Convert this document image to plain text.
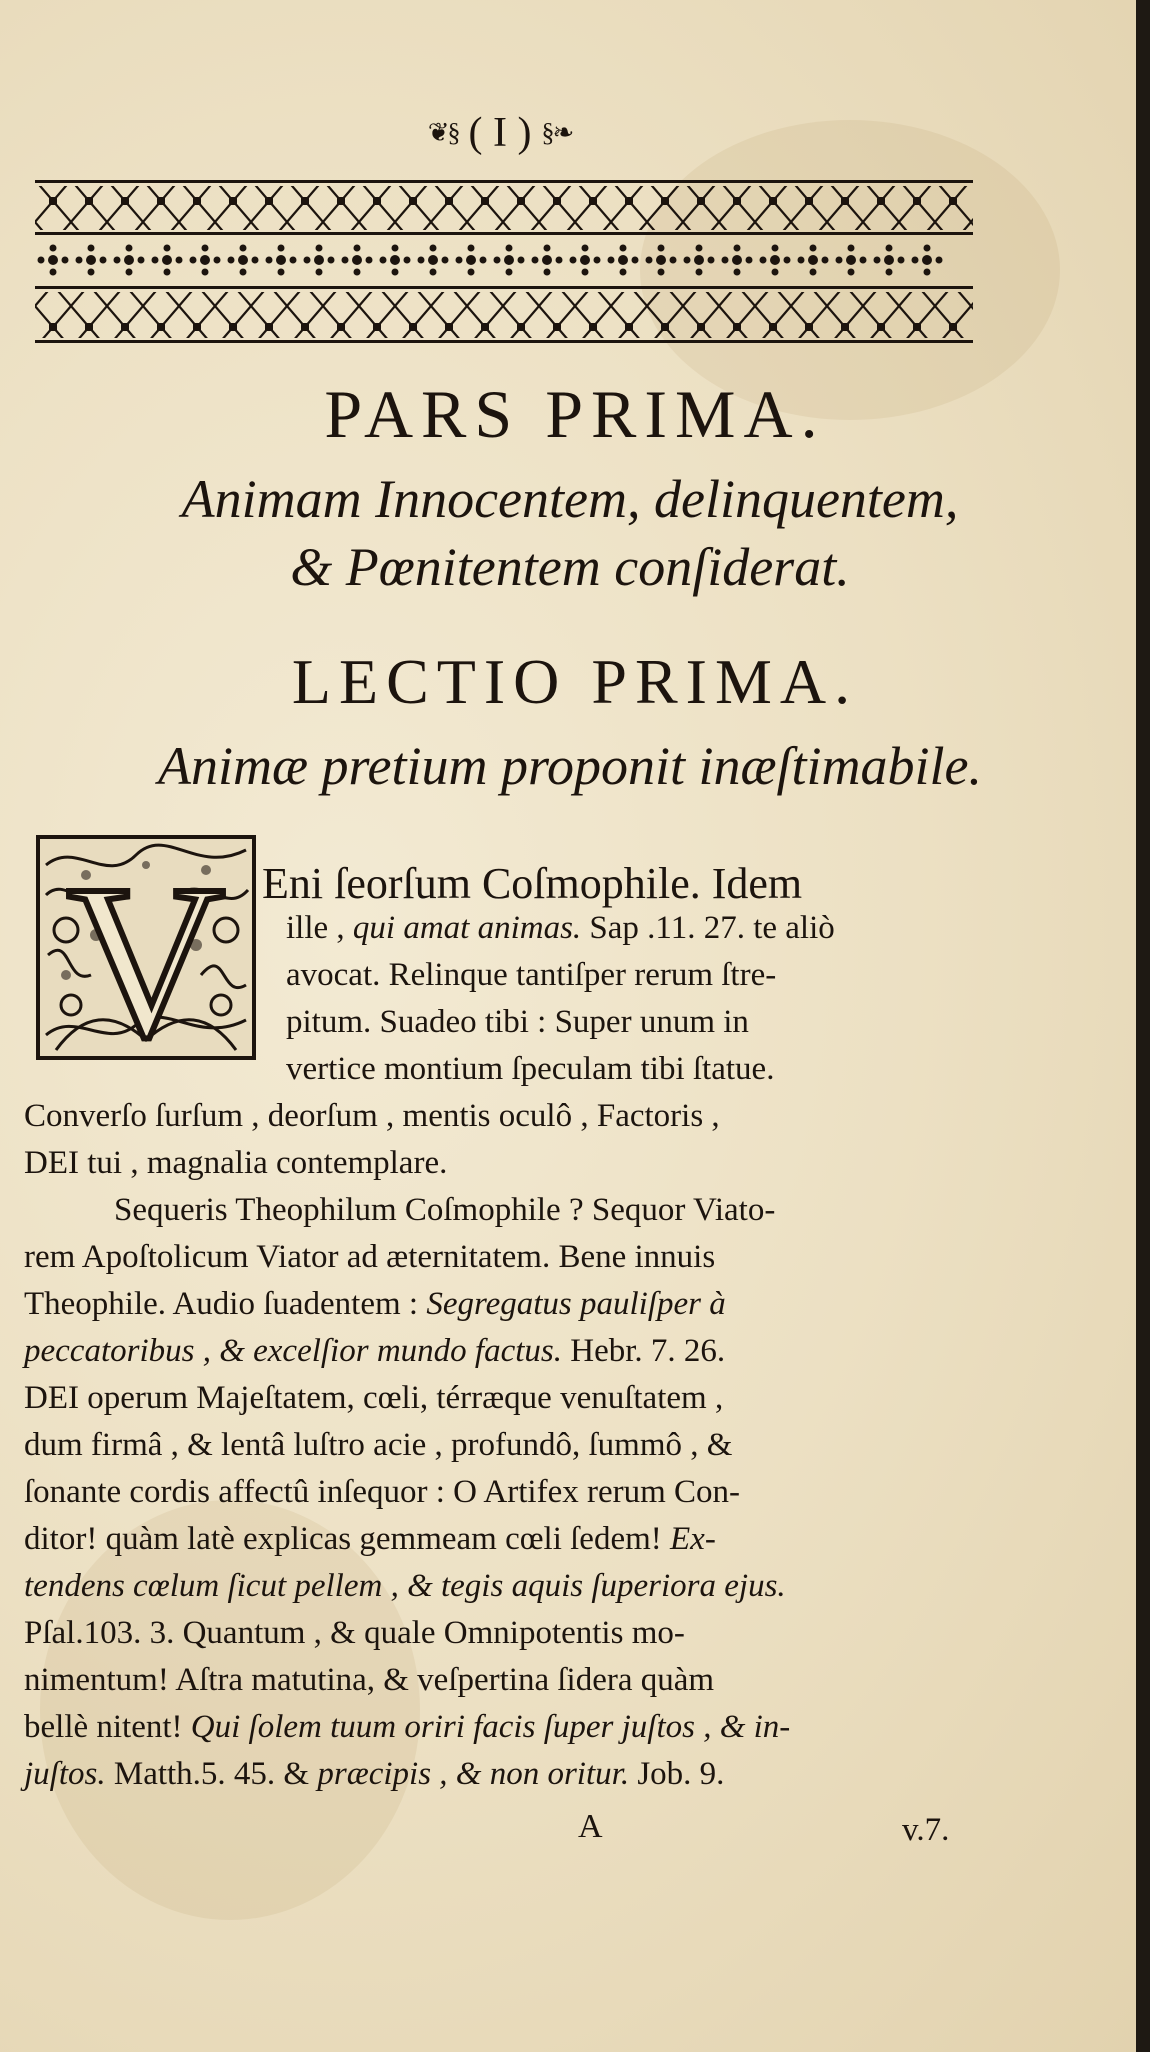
❦§ ( I ) §❧
PARS PRIMA.
Animam Innocentem, delinquentem,
& Pœnitentem conſiderat.
LECTIO PRIMA.
Animæ pretium proponit inæſtimabile.
V Eni ſeorſum Coſmophile. Idem
ille , qui amat animas. Sap .11. 27. te aliò
avocat. Relinque tantiſper rerum ſtre-
pitum. Suadeo tibi : Super unum in
vertice montium ſpeculam tibi ſtatue.
Converſo ſurſum , deorſum , mentis oculô , Factoris ,
DEI tui , magnalia contemplare.
Sequeris Theophilum Coſmophile ? Sequor Viato-
rem Apoſtolicum Viator ad æternitatem. Bene innuis
Theophile. Audio ſuadentem : Segregatus pauliſper à
peccatoribus , & excelſior mundo factus. Hebr. 7. 26.
DEI operum Majeſtatem, cœli, térræque venuſtatem ,
dum firmâ , & lentâ luſtro acie , profundô, ſummô , &
ſonante cordis affectû inſequor : O Artifex rerum Con-
ditor! quàm latè explicas gemmeam cœli ſedem! Ex-
tendens cœlum ſicut pellem , & tegis aquis ſuperiora ejus.
Pſal.103. 3. Quantum , & quale Omnipotentis mo-
nimentum! Aſtra matutina, & veſpertina ſidera quàm
bellè nitent! Qui ſolem tuum oriri facis ſuper juſtos , & in-
juſtos. Matth.5. 45. & præcipis , & non oritur. Job. 9.
A	v.7.
